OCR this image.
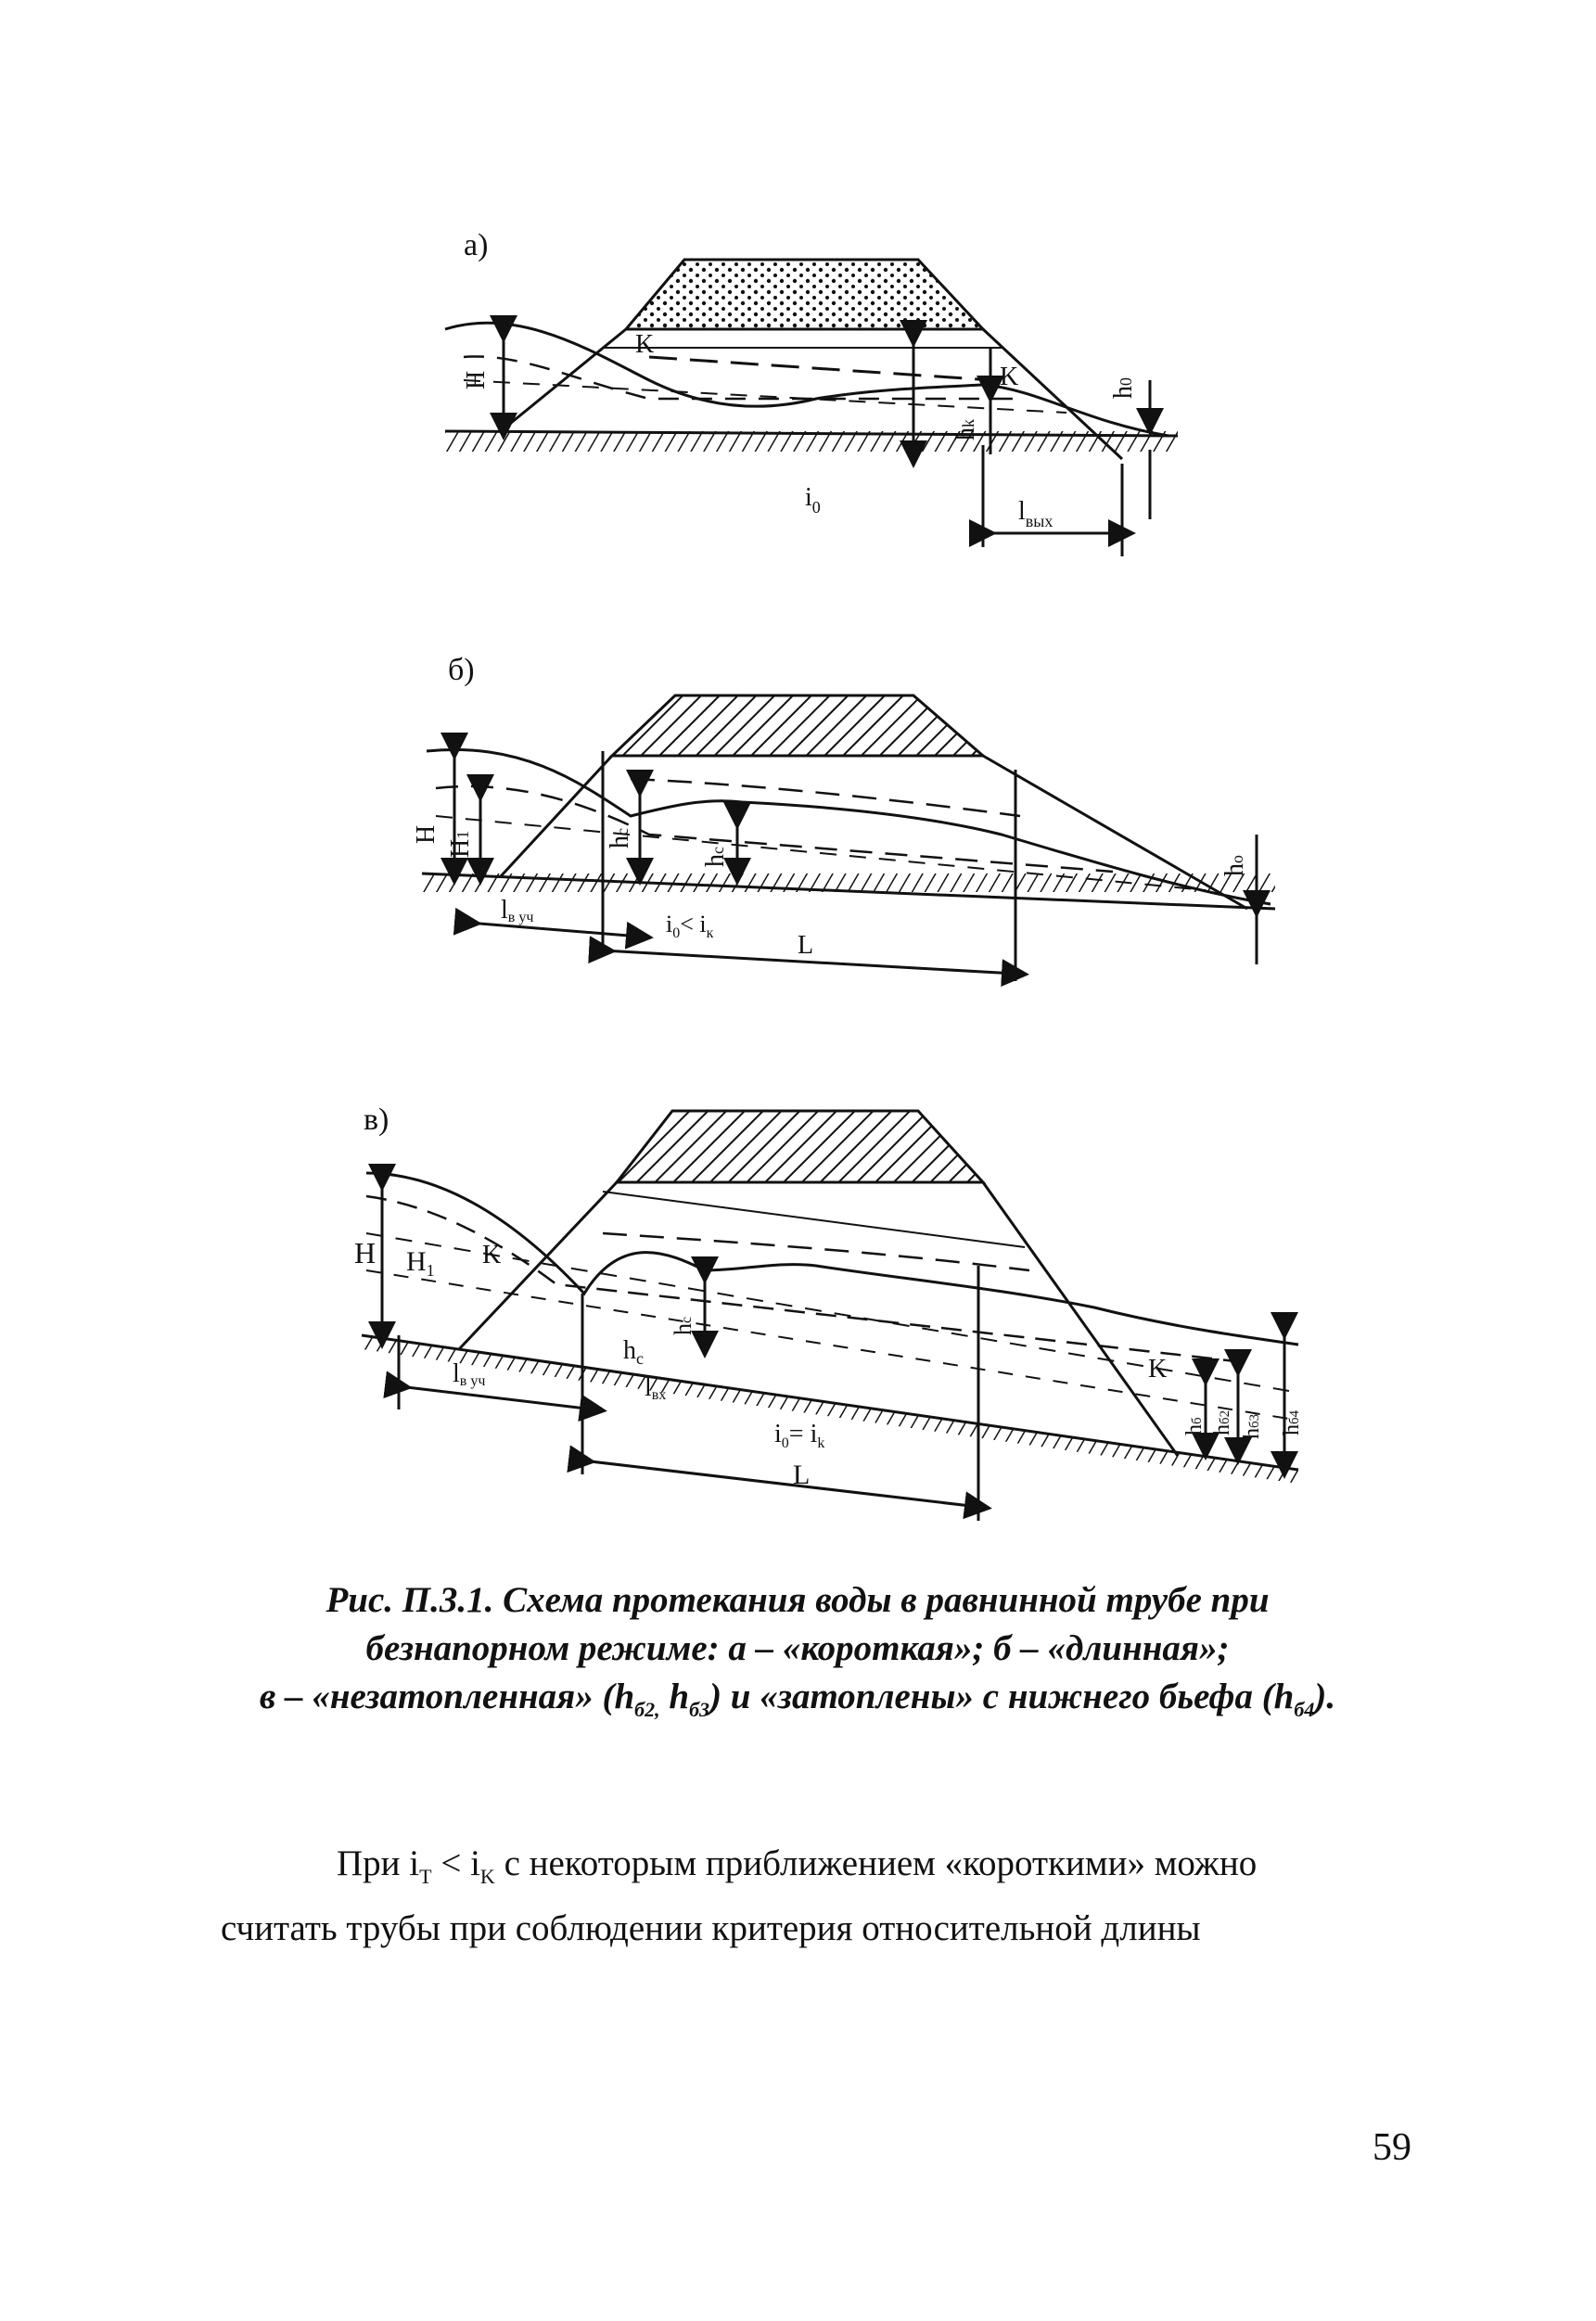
а)
H
K
K
hk
h0
$i_0$	$l_{вых}$
б)
H
H1
hc
hc
ho
lв уч	$i_0< i_к$	L
в)
H $H_1$
K
$h_c$
hc
lв уч	lвх
$i_0= i_k$
L
K
hб
hб2
hб3
hб4
Рис. П.3.1. Схема протекания воды в равнинной трубе при
безнапорном режиме: а – «короткая»; б – «длинная»;
в – «незатопленная» ($h_{б2,}$ $h_{б3}$) и «затоплены» с нижнего бьефа $(h_{б4})$.
При $i_T < i_K$ с некоторым приближением «короткими» можно
считать трубы при соблюдении критерия относительной длины
59
